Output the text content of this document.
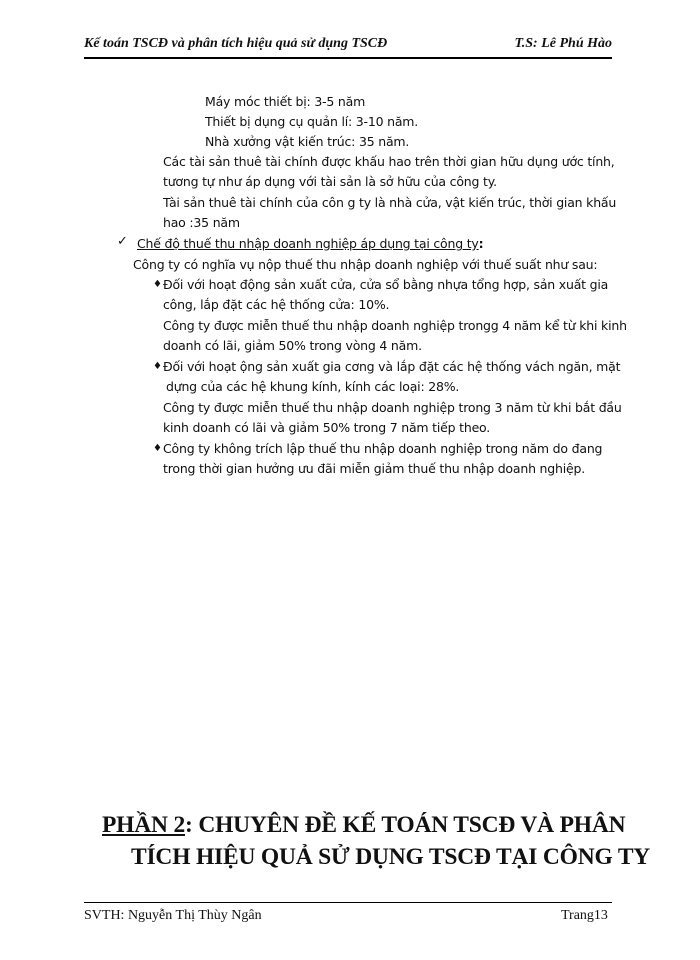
Kế toán TSCĐ và phân tích hiệu quả sử dụng TSCĐ	T.S: Lê Phú Hào
Máy móc thiết bị: 3-5 năm
Thiết bị dụng cụ quản lí: 3-10 năm.
Nhà xưởng vật kiến trúc: 35 năm.
Các tài sản thuê tài chính được khấu hao trên thời gian hữu dụng ước tính,
tương tự như áp dụng với tài sản là sở hữu của công ty.
Tài sản thuê tài chính của côn g ty là nhà cửa, vật kiến trúc, thời gian khấu
hao :35 năm
✓ Chế độ thuế thu nhập doanh nghiệp áp dụng tại công ty:
Công ty có nghĩa vụ nộp thuế thu nhập doanh nghiệp với thuế suất như sau:
♦ Đối với hoạt động sản xuất cửa, cửa sổ bằng nhựa tổng hợp, sản xuất gia
công, lắp đặt các hệ thống cửa: 10%.
Công ty được miễn thuế thu nhập doanh nghiệp trongg 4 năm kể từ khi kinh
doanh có lãi, giảm 50% trong vòng 4 năm.
♦ Đối với hoạt ộng sản xuất gia cơng và lắp đặt các hệ thống vách ngăn, mặt
dựng của các hệ khung kính, kính các loại: 28%.
Công ty được miễn thuế thu nhập doanh nghiệp trong 3 năm từ khi bắt đầu
kinh doanh có lãi và giảm 50% trong 7 năm tiếp theo.
♦ Công ty không trích lập thuế thu nhập doanh nghiệp trong năm do đang
trong thời gian hưởng ưu đãi miễn giảm thuế thu nhập doanh nghiệp.
PHẦN 2: CHUYÊN ĐỀ KẾ TOÁN TSCĐ VÀ PHÂN
TÍCH HIỆU QUẢ SỬ DỤNG TSCĐ TẠI CÔNG TY
SVTH: Nguyễn Thị Thùy Ngân	Trang13
